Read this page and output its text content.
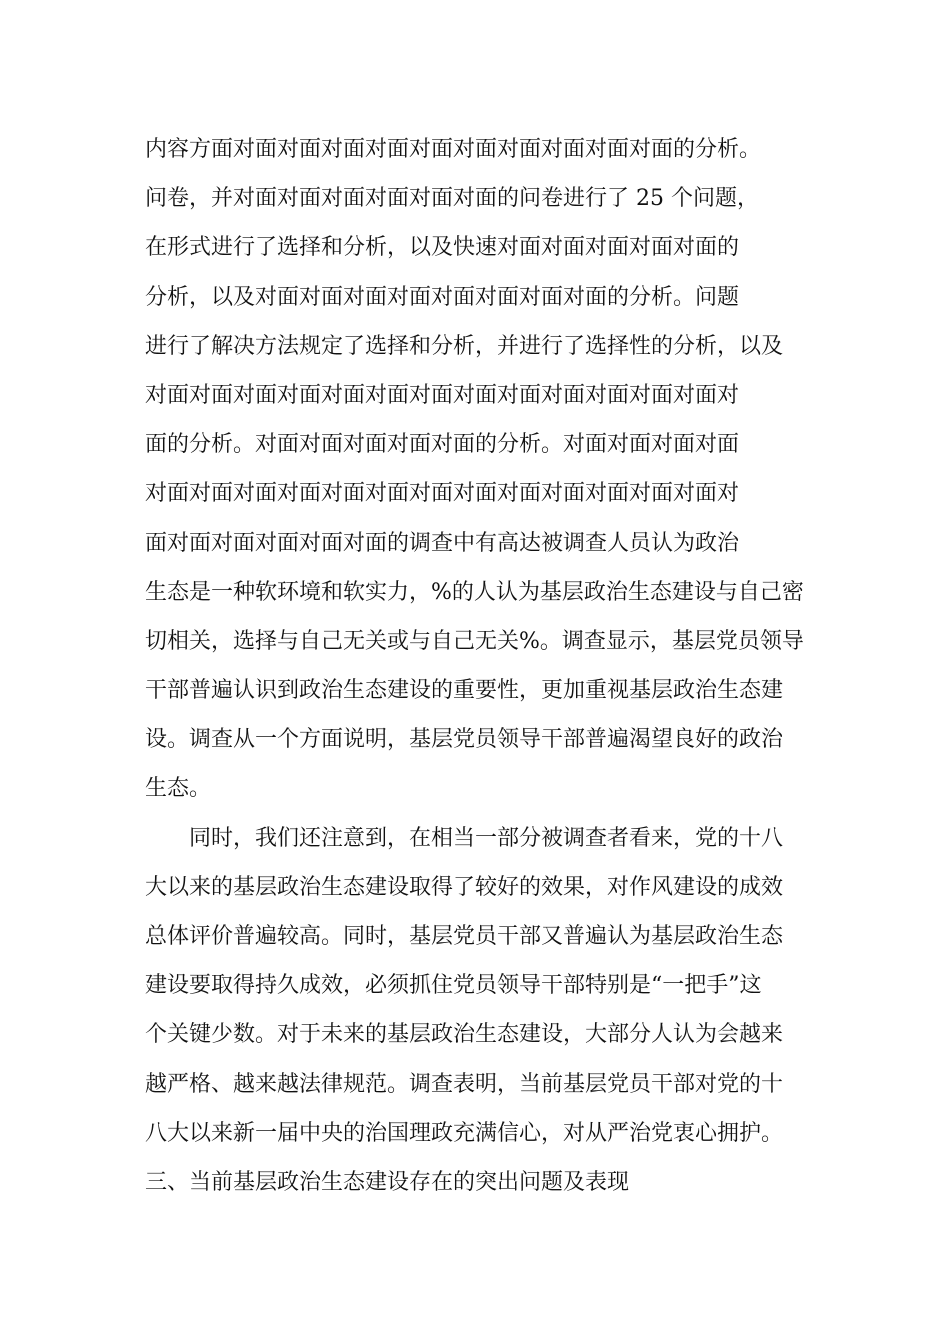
内容方面对面对面对面对面对面对面对面对面对面对面的分析。
问卷，并对面对面对面对面对面对面的问卷进行了 25 个问题，
在形式进行了选择和分析，以及快速对面对面对面对面对面的
分析，以及对面对面对面对面对面对面对面对面的分析。问题
进行了解决方法规定了选择和分析，并进行了选择性的分析，以及
对面对面对面对面对面对面对面对面对面对面对面对面对面对
面的分析。对面对面对面对面对面的分析。对面对面对面对面
对面对面对面对面对面对面对面对面对面对面对面对面对面对
面对面对面对面对面对面的调查中有高达被调查人员认为政治
生态是一种软环境和软实力，%的人认为基层政治生态建设与自己密
切相关，选择与自己无关或与自己无关%。调查显示，基层党员领导
干部普遍认识到政治生态建设的重要性，更加重视基层政治生态建
设。调查从一个方面说明，基层党员领导干部普遍渴望良好的政治
生态。
同时，我们还注意到，在相当一部分被调查者看来，党的十八
大以来的基层政治生态建设取得了较好的效果，对作风建设的成效
总体评价普遍较高。同时，基层党员干部又普遍认为基层政治生态
建设要取得持久成效，必须抓住党员领导干部特别是“一把手”这
个关键少数。对于未来的基层政治生态建设，大部分人认为会越来
越严格、越来越法律规范。调查表明，当前基层党员干部对党的十
八大以来新一届中央的治国理政充满信心，对从严治党衷心拥护。
三、当前基层政治生态建设存在的突出问题及表现
